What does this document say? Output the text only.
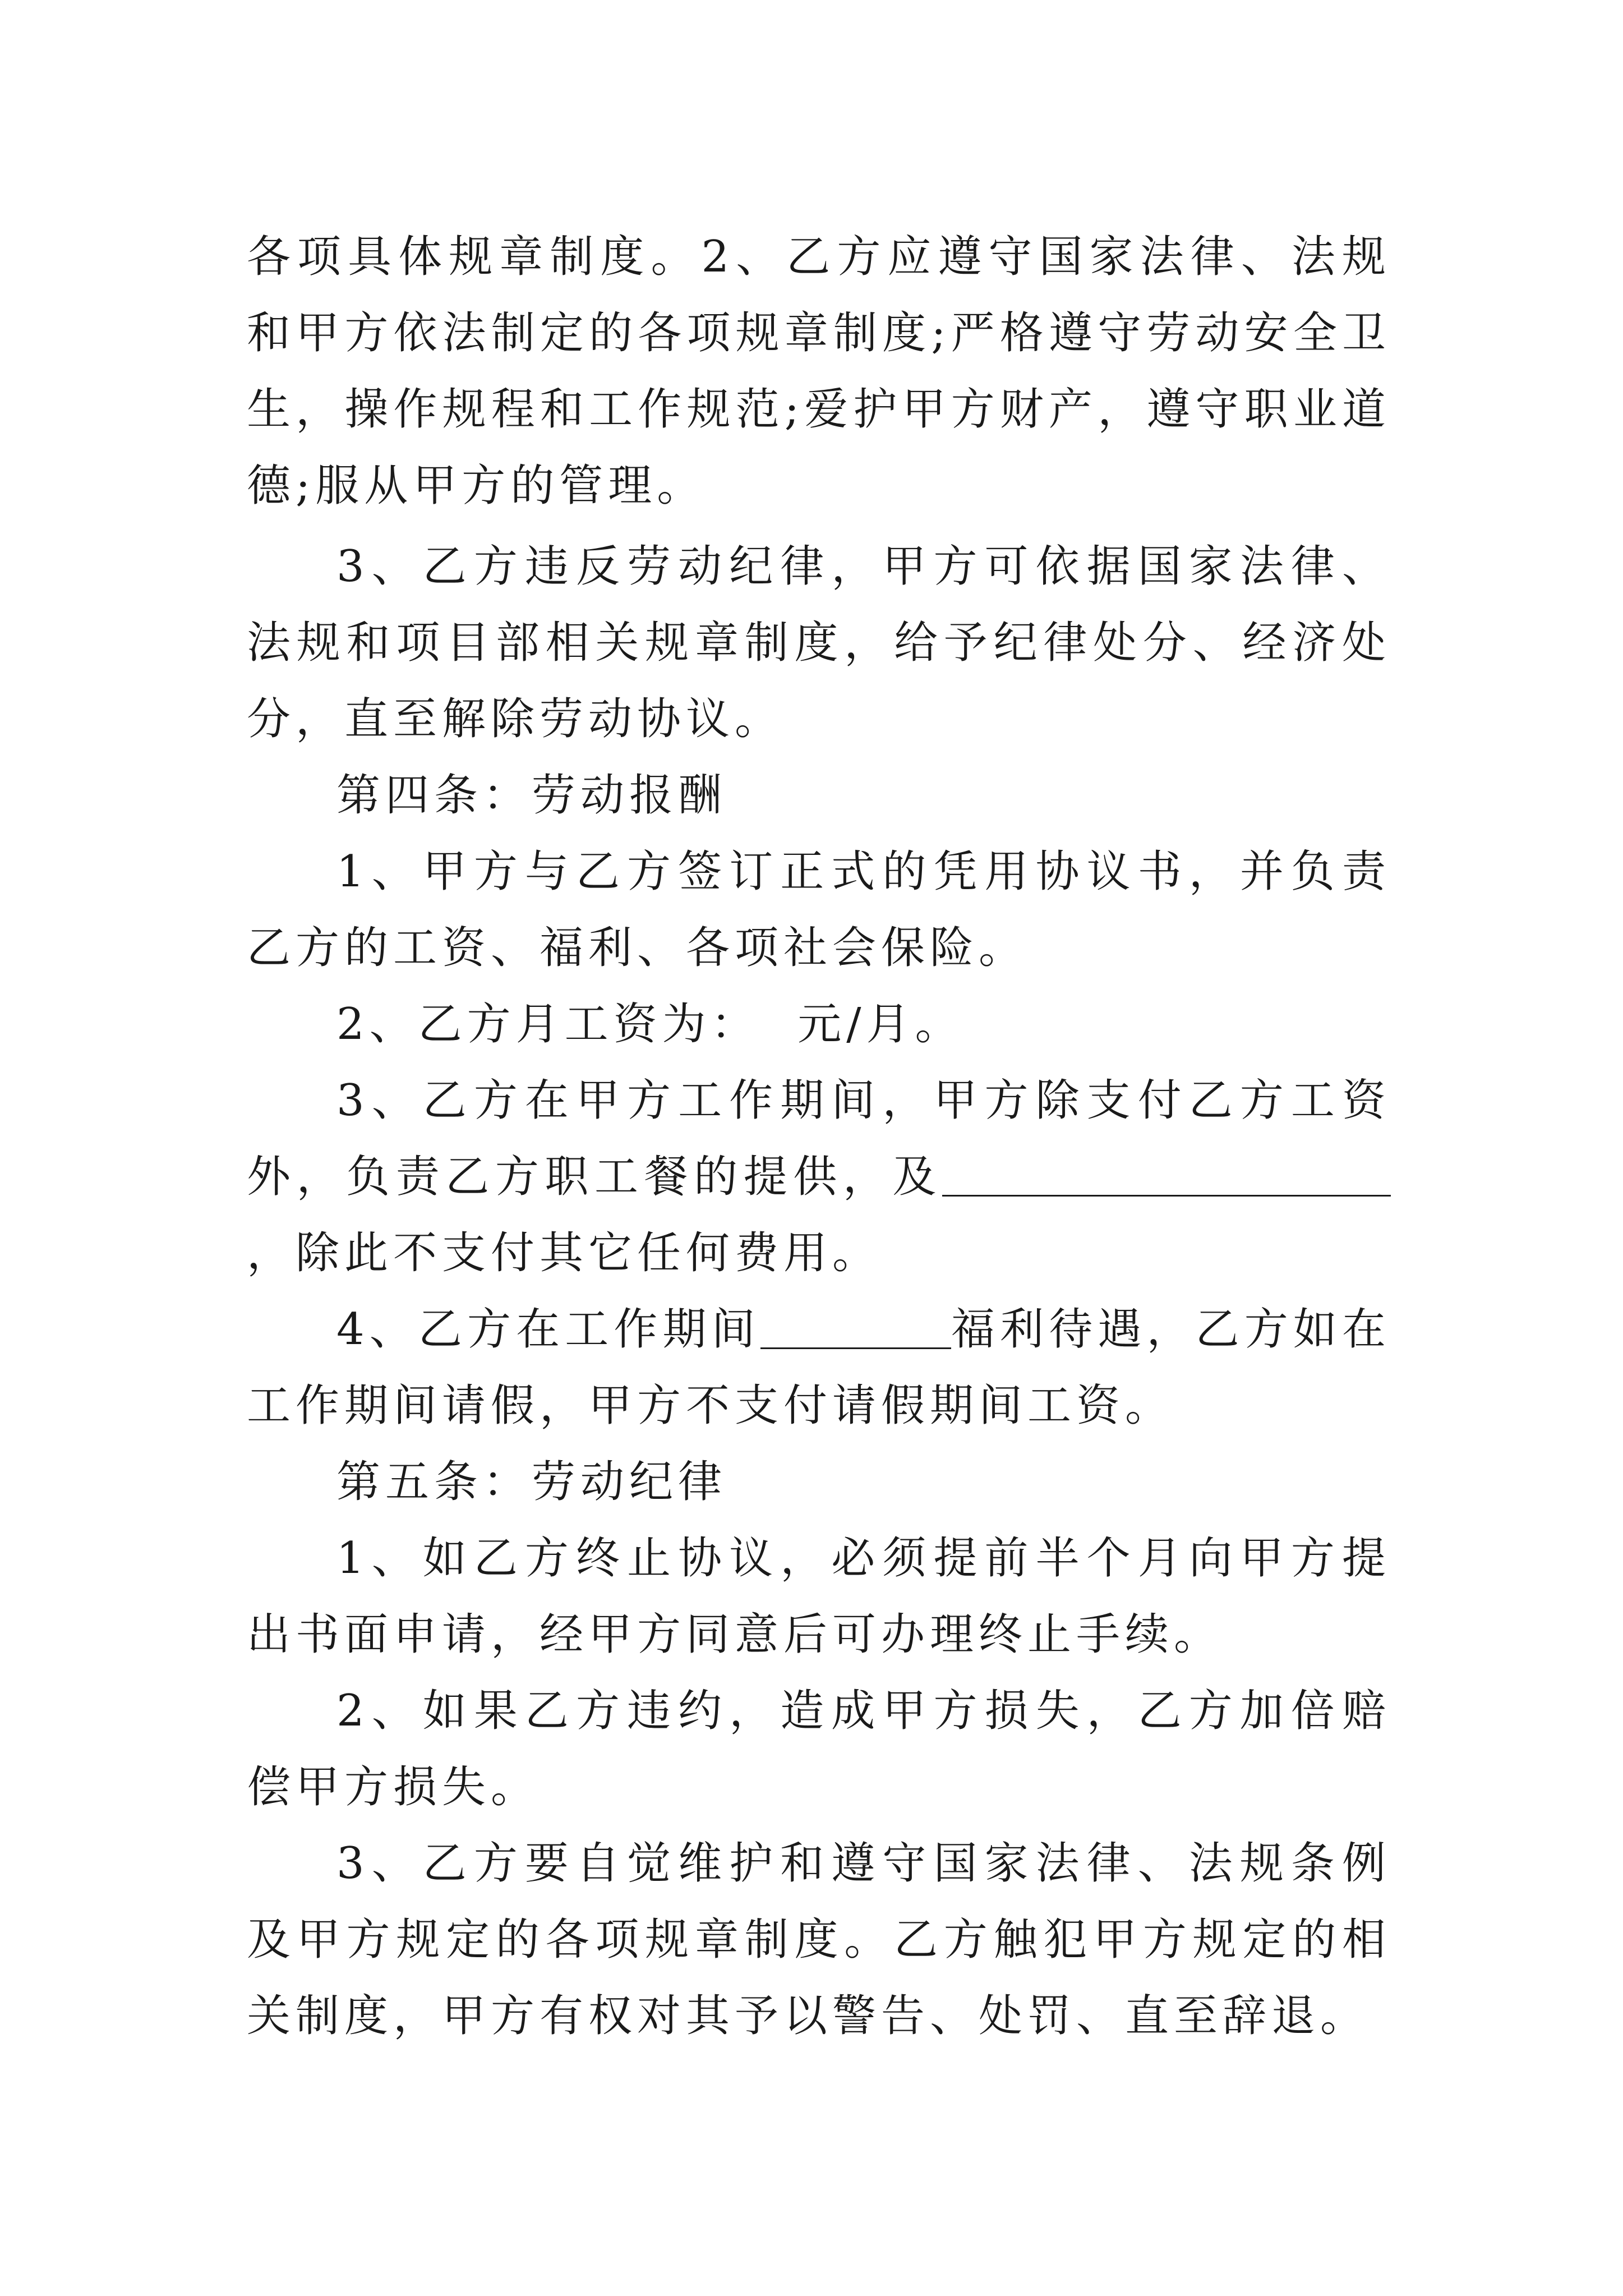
各项具体规章制度。2、乙方应遵守国家法律、法规和甲方依法制定的各项规章制度;严格遵守劳动安全卫生，操作规程和工作规范;爱护甲方财产，遵守职业道德;服从甲方的管理。

3、乙方违反劳动纪律，甲方可依据国家法律、法规和项目部相关规章制度，给予纪律处分、经济处分，直至解除劳动协议。

第四条：劳动报酬

1、甲方与乙方签订正式的凭用协议书，并负责乙方的工资、福利、各项社会保险。

2、乙方月工资为：  元/月。

3、乙方在甲方工作期间，甲方除支付乙方工资外，负责乙方职工餐的提供，及，除此不支付其它任何费用。

4、乙方在工作期间	福利待遇，乙方如在工作期间请假，甲方不支付请假期间工资。

第五条：劳动纪律

1、如乙方终止协议，必须提前半个月向甲方提出书面申请，经甲方同意后可办理终止手续。

2、如果乙方违约，造成甲方损失，乙方加倍赔偿甲方损失。

3、乙方要自觉维护和遵守国家法律、法规条例及甲方规定的各项规章制度。乙方触犯甲方规定的相关制度，甲方有权对其予以警告、处罚、直至辞退。
